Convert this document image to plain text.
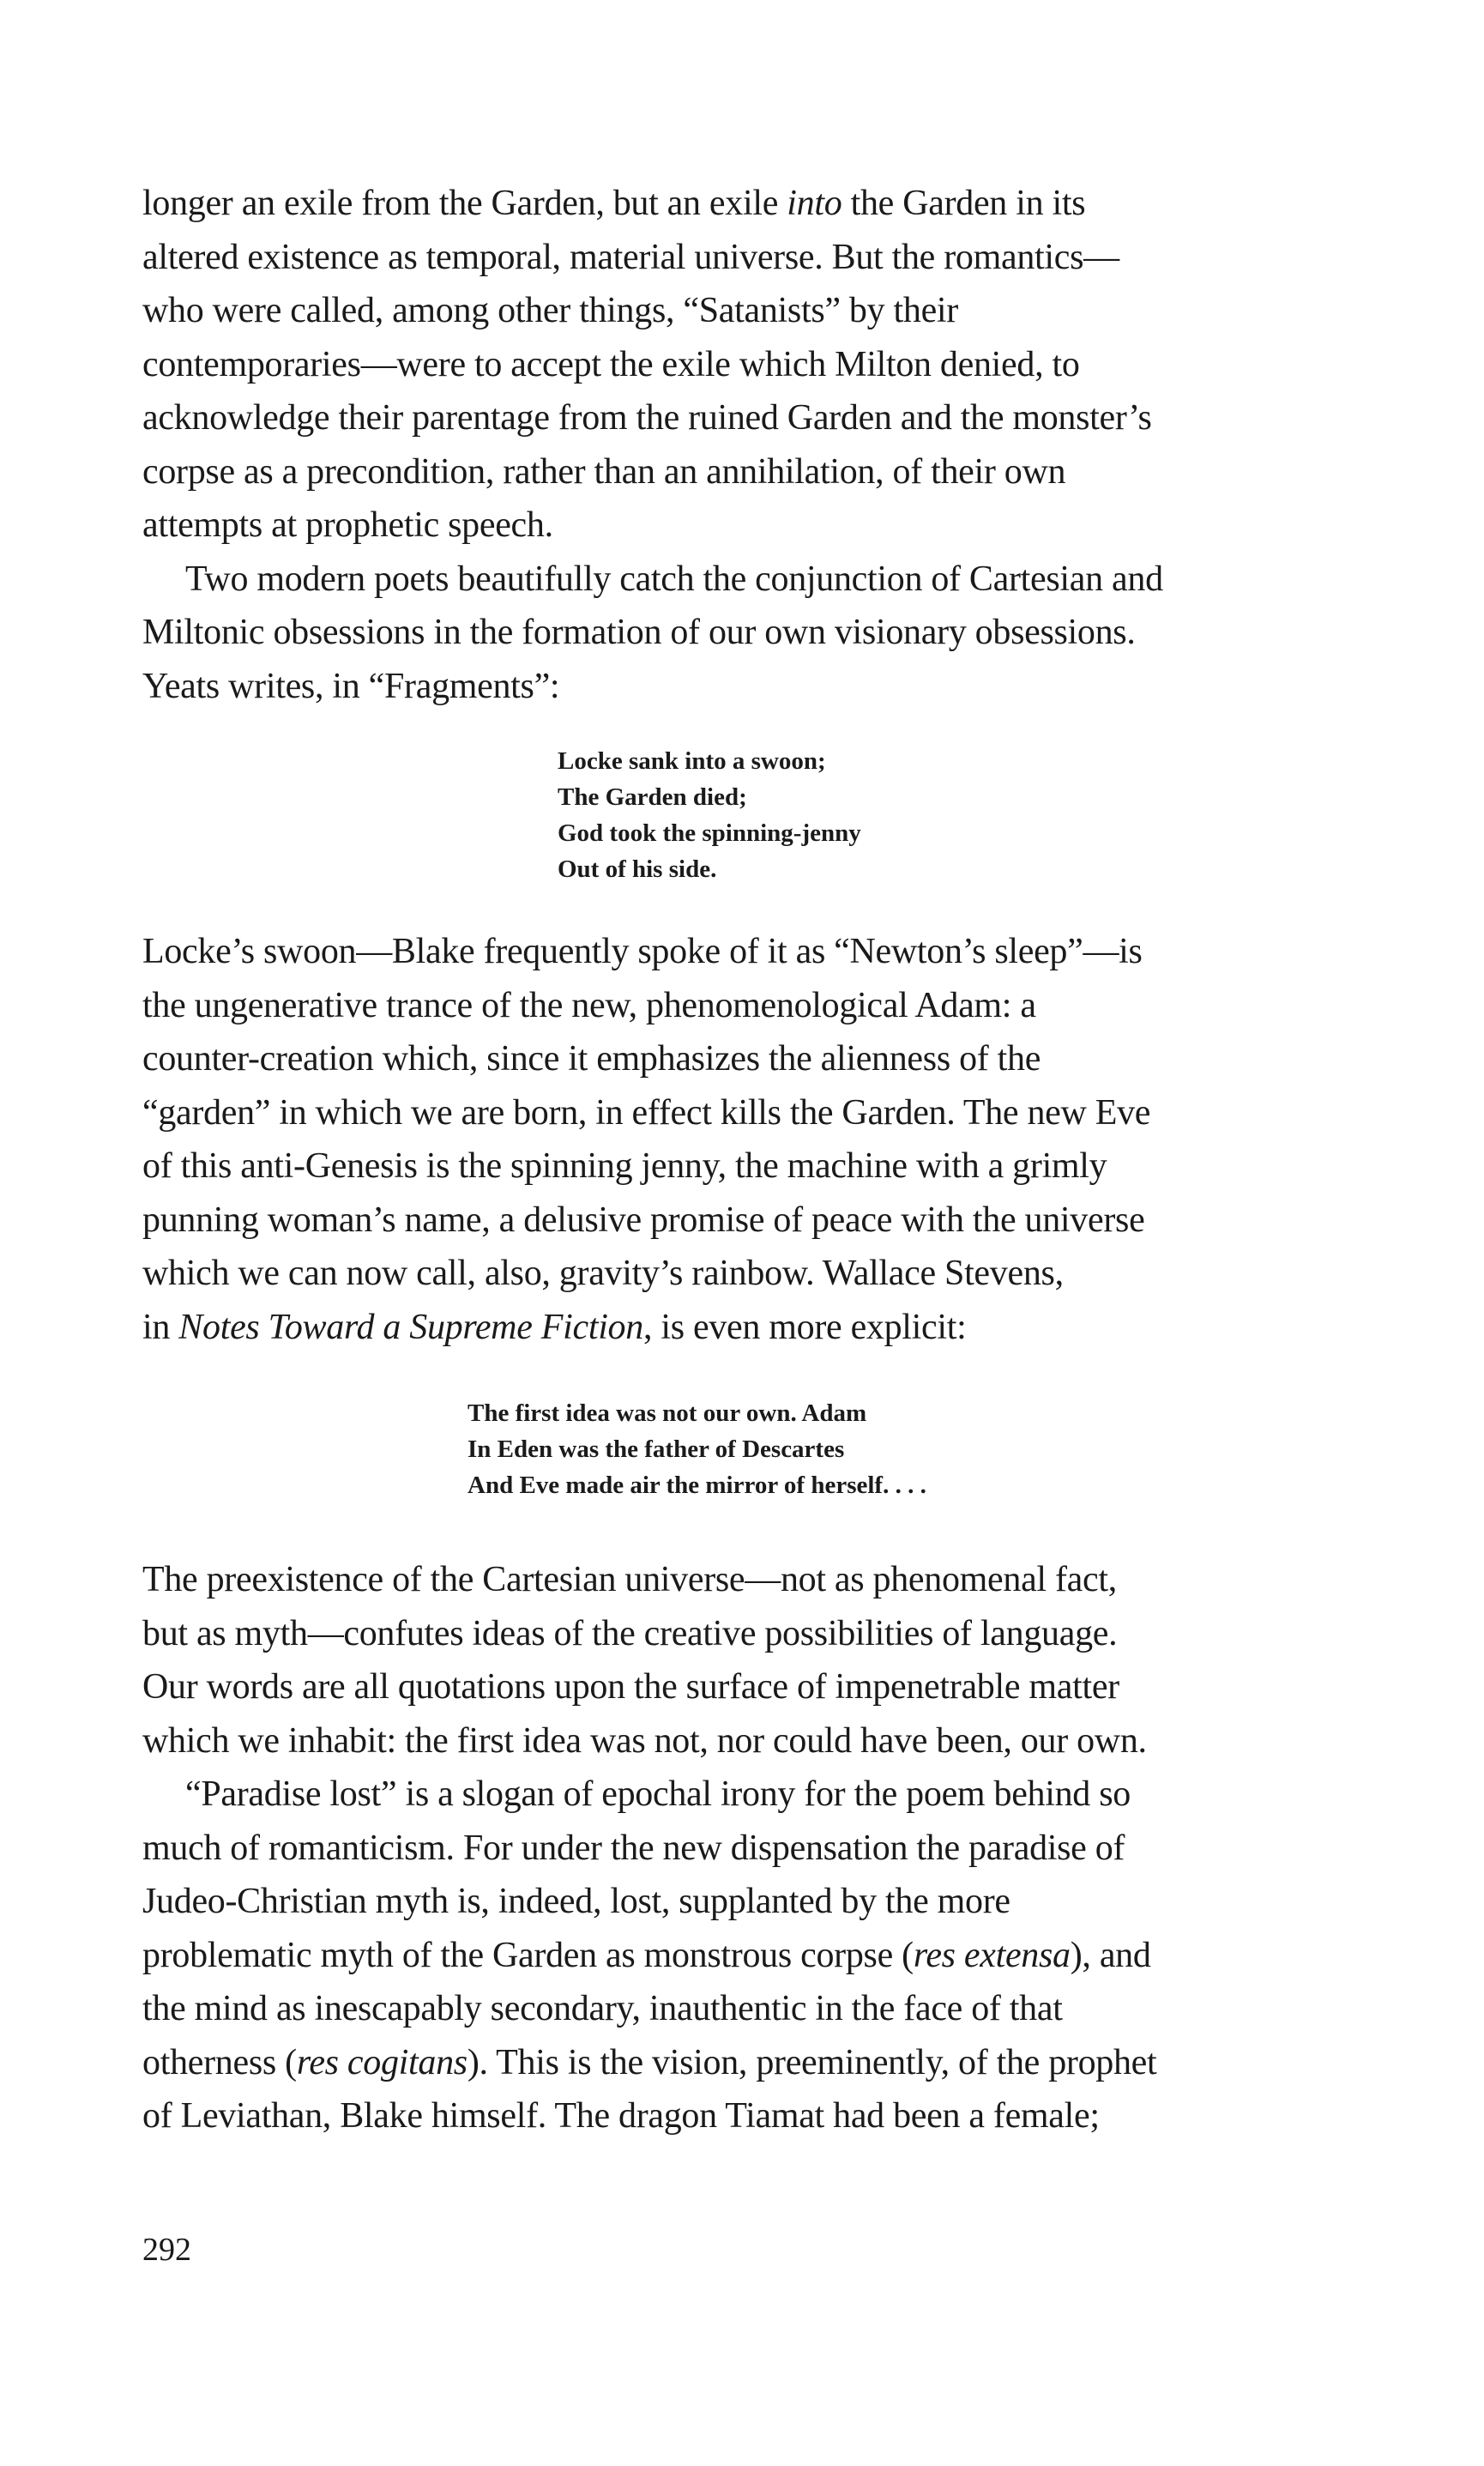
longer an exile from the Garden, but an exile into the Garden in its
altered existence as temporal, material universe. But the romantics—
who were called, among other things, “Satanists” by their
contemporaries—were to accept the exile which Milton denied, to
acknowledge their parentage from the ruined Garden and the monster’s
corpse as a precondition, rather than an annihilation, of their own
attempts at prophetic speech.
Two modern poets beautifully catch the conjunction of Cartesian and
Miltonic obsessions in the formation of our own visionary obsessions.
Yeats writes, in “Fragments”:
Locke sank into a swoon;
The Garden died;
God took the spinning-jenny
Out of his side.
Locke’s swoon—Blake frequently spoke of it as “Newton’s sleep”—is
the ungenerative trance of the new, phenomenological Adam: a
counter-creation which, since it emphasizes the alienness of the
“garden” in which we are born, in effect kills the Garden. The new Eve
of this anti-Genesis is the spinning jenny, the machine with a grimly
punning woman’s name, a delusive promise of peace with the universe
which we can now call, also, gravity’s rainbow. Wallace Stevens,
in Notes Toward a Supreme Fiction, is even more explicit:
The first idea was not our own. Adam
In Eden was the father of Descartes
And Eve made air the mirror of herself. . . .
The preexistence of the Cartesian universe—not as phenomenal fact,
but as myth—confutes ideas of the creative possibilities of language.
Our words are all quotations upon the surface of impenetrable matter
which we inhabit: the first idea was not, nor could have been, our own.
“Paradise lost” is a slogan of epochal irony for the poem behind so
much of romanticism. For under the new dispensation the paradise of
Judeo-Christian myth is, indeed, lost, supplanted by the more
problematic myth of the Garden as monstrous corpse (res extensa), and
the mind as inescapably secondary, inauthentic in the face of that
otherness (res cogitans). This is the vision, preeminently, of the prophet
of Leviathan, Blake himself. The dragon Tiamat had been a female;
292
